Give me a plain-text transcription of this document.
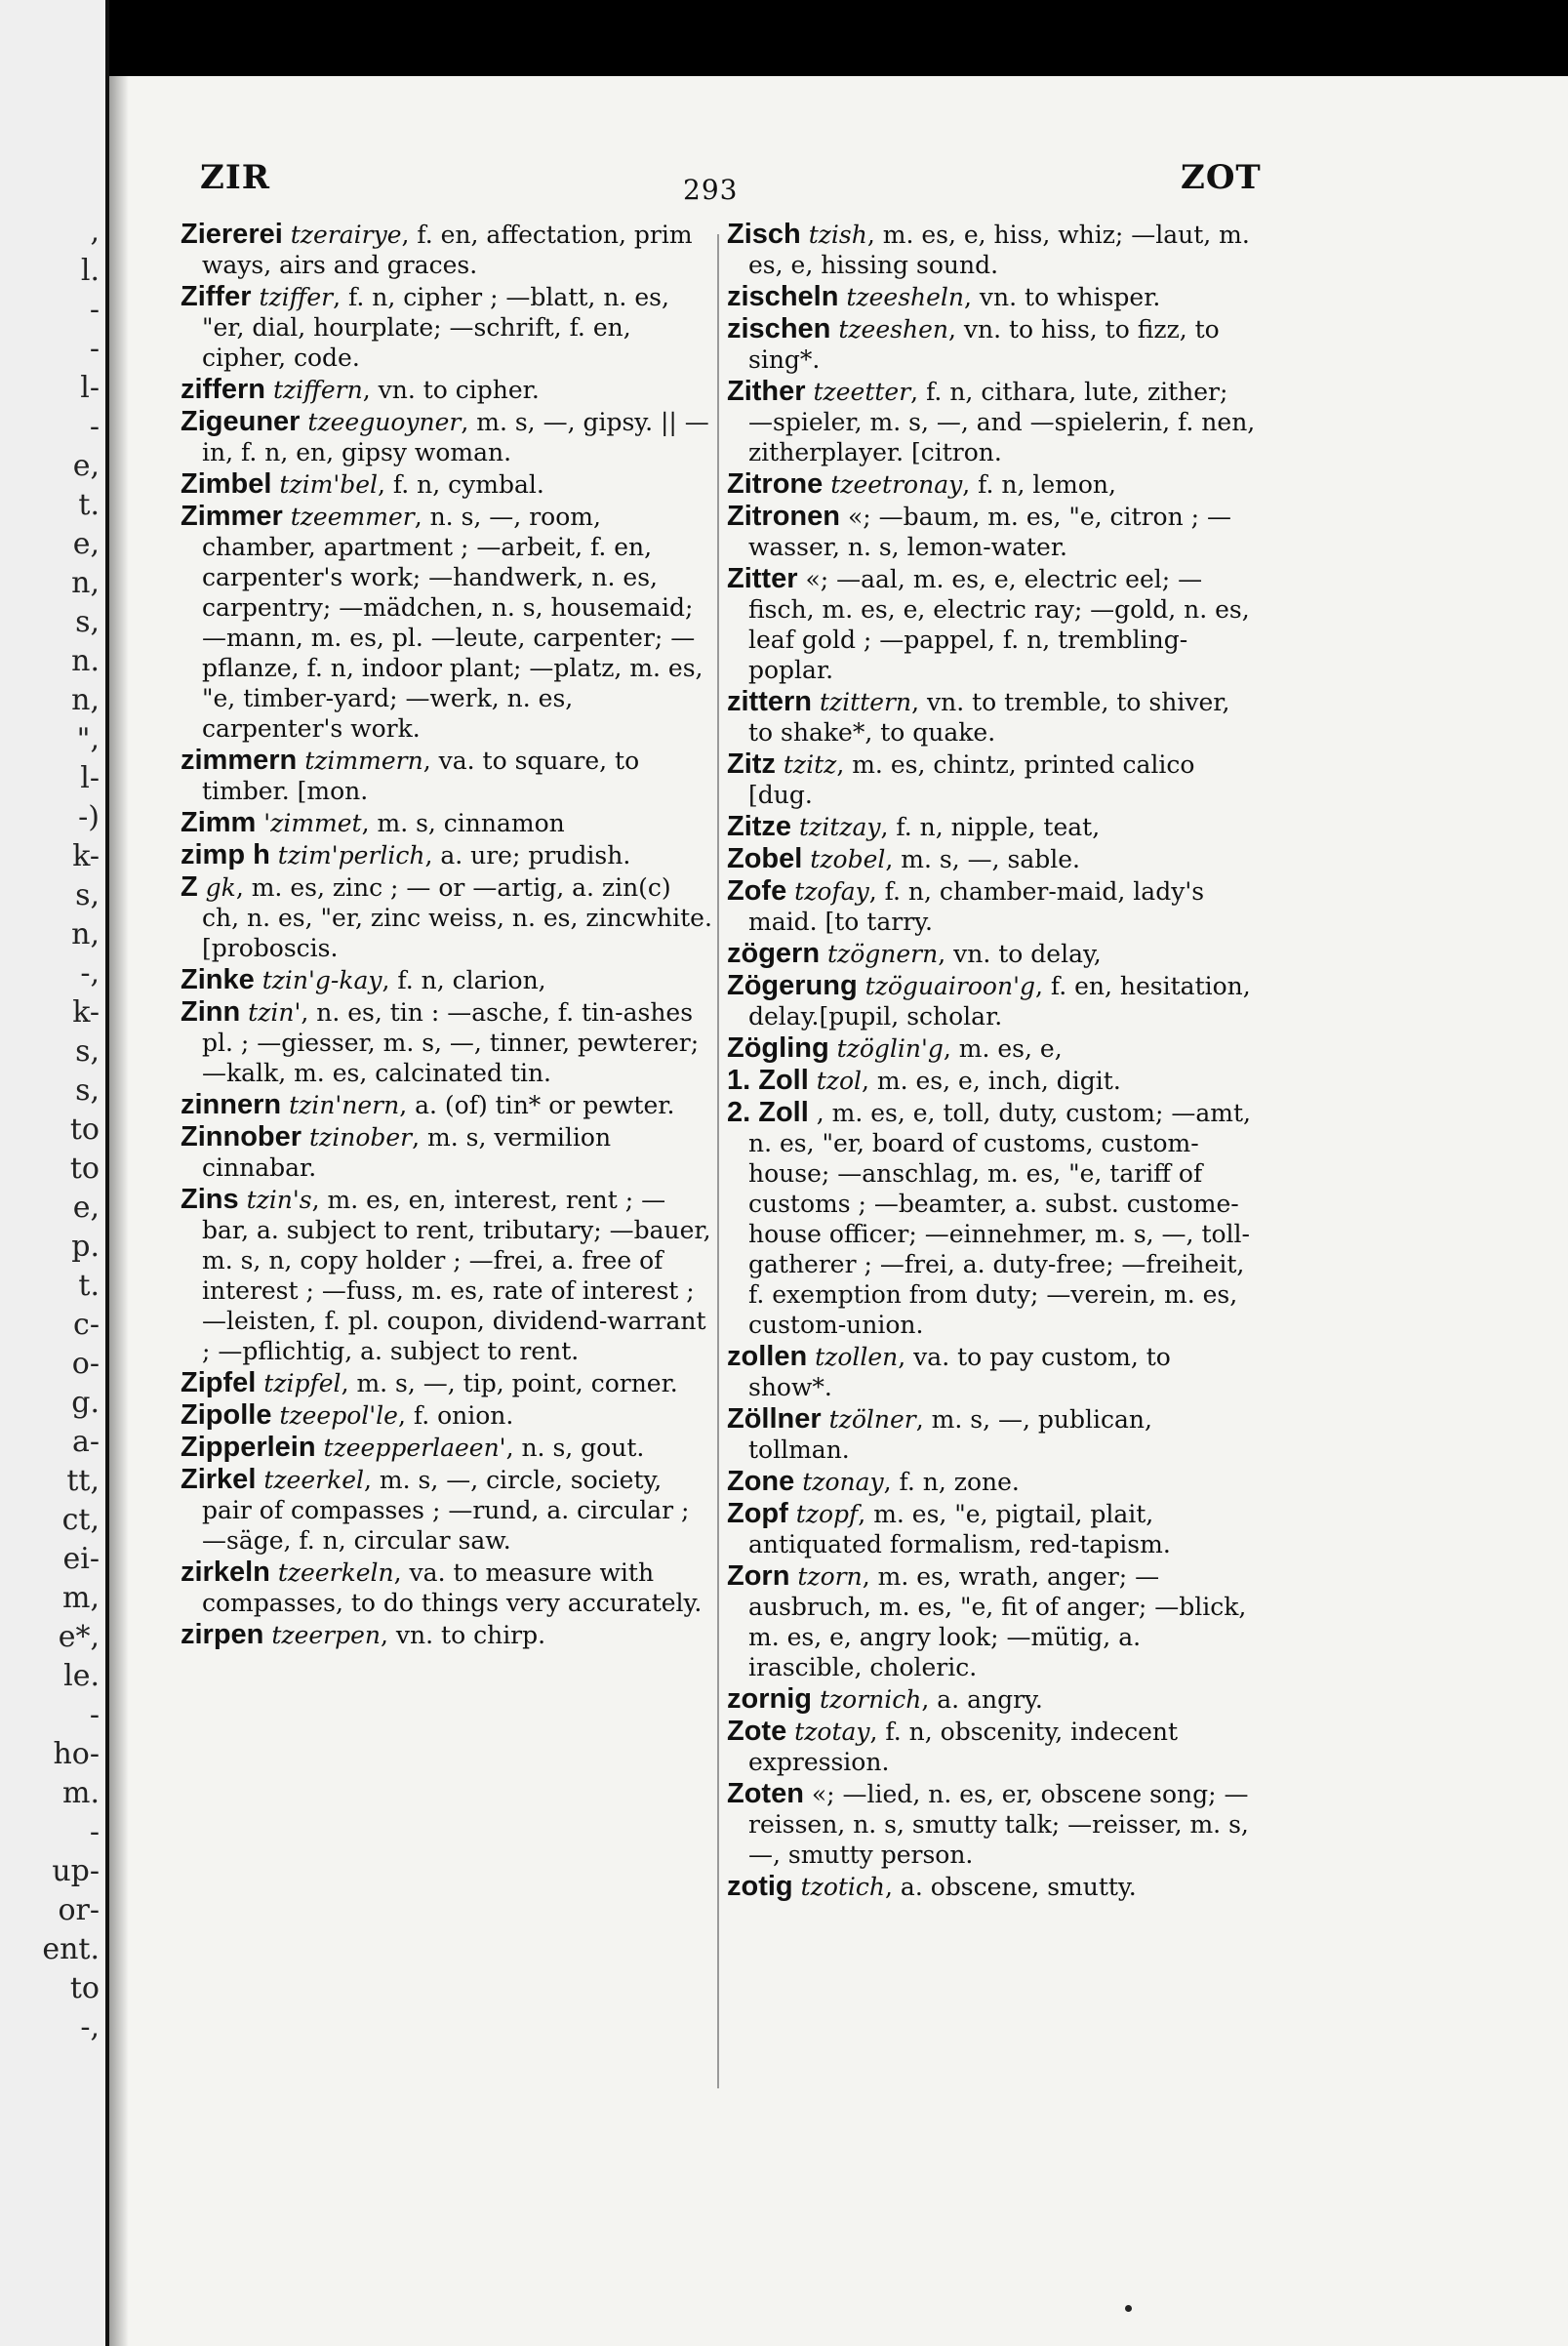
,
l.
-
-
l-
-
e,
t.
e,
n,
s,
n.
n,
",
l-
-)
k-
s,
n,
-,
k-
s,
s,
to
to
e,
p.
t.
c-
o-
g.
a-
tt,
ct,
ei-
m,
e*,
le.
-
ho-
m.
-
up-
or-
ent.
to
-,
ZIR	293	ZOT

Ziererei tzerairye, f. en, affectation, prim ways, airs and graces.

Ziffer tziffer, f. n, cipher ; —blatt, n. es, "er, dial, hourplate; —schrift, f. en, cipher, code.

ziffern tziffern, vn. to cipher.

Zigeuner tzeeguoyner, m. s, —, gipsy. || —in, f. n, en, gipsy woman.

Zimbel tzim'bel, f. n, cymbal.

Zimmer tzeemmer, n. s, —, room, chamber, apartment ; —arbeit, f. en, carpenter's work; —handwerk, n. es, carpentry; —mädchen, n. s, housemaid; —mann, m. es, pl. —leute, carpenter; —pflanze, f. n, indoor plant; —platz, m. es, "e, timber-yard; —werk, n. es, carpenter's work.

zimmern tzimmern, va. to square, to timber. [mon.

Zimm 'zimmet, m. s, cinnamon

zimp h tzim'perlich, a. ure; prudish.

Z gk, m. es, zinc ; — or —artig, a. zin(c) ch, n. es, "er, zinc weiss, n. es, zincwhite. [proboscis.

Zinke tzin'g-kay, f. n, clarion,

Zinn tzin', n. es, tin : —asche, f. tin-ashes pl. ; —giesser, m. s, —, tinner, pewterer; —kalk, m. es, calcinated tin.

zinnern tzin'nern, a. (of) tin* or pewter.

Zinnober tzinober, m. s, vermilion cinnabar.

Zins tzin's, m. es, en, interest, rent ; —bar, a. subject to rent, tributary; —bauer, m. s, n, copy holder ; —frei, a. free of interest ; —fuss, m. es, rate of interest ; —leisten, f. pl. coupon, dividend-warrant ; —pflichtig, a. subject to rent.

Zipfel tzipfel, m. s, —, tip, point, corner.

Zipolle tzeepol'le, f. onion.

Zipperlein tzeepperlaeen', n. s, gout.

Zirkel tzeerkel, m. s, —, circle, society, pair of compasses ; —rund, a. circular ; —säge, f. n, circular saw.

zirkeln tzeerkeln, va. to measure with compasses, to do things very accurately.

zirpen tzeerpen, vn. to chirp.

Zisch tzish, m. es, e, hiss, whiz; —laut, m. es, e, hissing sound.

zischeln tzeesheln, vn. to whisper.

zischen tzeeshen, vn. to hiss, to fizz, to sing*.

Zither tzeetter, f. n, cithara, lute, zither; —spieler, m. s, —, and —spielerin, f. nen, zitherplayer. [citron.

Zitrone tzeetronay, f. n, lemon,

Zitronen «; —baum, m. es, "e, citron ; —wasser, n. s, lemon-water.

Zitter «; —aal, m. es, e, electric eel; —fisch, m. es, e, electric ray; —gold, n. es, leaf gold ; —pappel, f. n, trembling-poplar.

zittern tzittern, vn. to tremble, to shiver, to shake*, to quake.

Zitz tzitz, m. es, chintz, printed calico [dug.

Zitze tzitzay, f. n, nipple, teat,

Zobel tzobel, m. s, —, sable.

Zofe tzofay, f. n, chamber-maid, lady's maid. [to tarry.

zögern tzögnern, vn. to delay,

Zögerung tzöguairoon'g, f. en, hesitation, delay.[pupil, scholar.

Zögling tzöglin'g, m. es, e,

1. Zoll tzol, m. es, e, inch, digit.

2. Zoll , m. es, e, toll, duty, custom; —amt, n. es, "er, board of customs, custom-house; —anschlag, m. es, "e, tariff of customs ; —beamter, a. subst. custome-house officer; —einnehmer, m. s, —, toll-gatherer ; —frei, a. duty-free; —freiheit, f. exemption from duty; —verein, m. es, custom-union.

zollen tzollen, va. to pay custom, to show*.

Zöllner tzölner, m. s, —, publican, tollman.

Zone tzonay, f. n, zone.

Zopf tzopf, m. es, "e, pigtail, plait, antiquated formalism, red-tapism.

Zorn tzorn, m. es, wrath, anger; —ausbruch, m. es, "e, fit of anger; —blick, m. es, e, angry look; —mütig, a. irascible, choleric.

zornig tzornich, a. angry.

Zote tzotay, f. n, obscenity, indecent expression.

Zoten «; —lied, n. es, er, obscene song; —reissen, n. s, smutty talk; —reisser, m. s, —, smutty person.

zotig tzotich, a. obscene, smutty.
